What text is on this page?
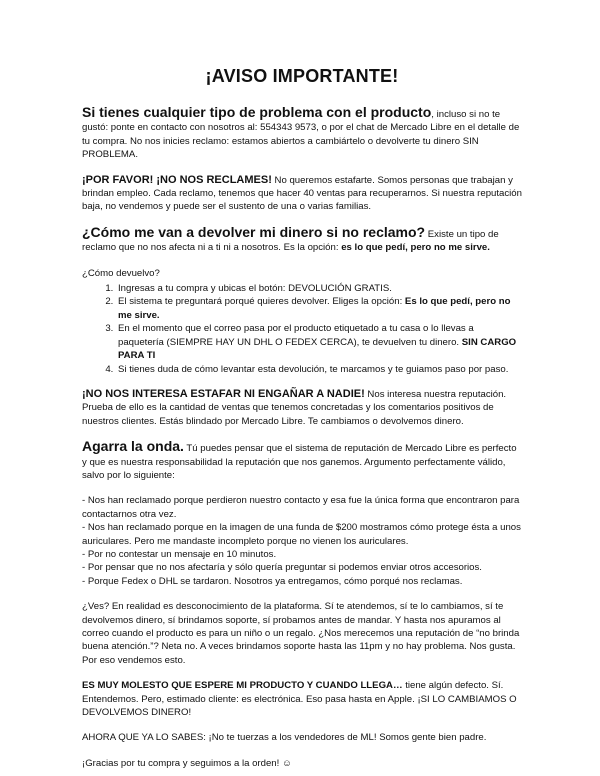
¡AVISO IMPORTANTE!

Si tienes cualquier tipo de problema con el producto, incluso si no te gustó: ponte en contacto con nosotros al: 554343 9573, o por el chat de Mercado Libre en el detalle de tu compra. No nos inicies reclamo: estamos abiertos a cambiártelo o devolverte tu dinero SIN PROBLEMA.

¡POR FAVOR! ¡NO NOS RECLAMES! No queremos estafarte. Somos personas que trabajan y brindan empleo. Cada reclamo, tenemos que hacer 40 ventas para recuperarnos. Si nuestra reputación baja, no vendemos y puede ser el sustento de una o varias familias.

¿Cómo me van a devolver mi dinero si no reclamo? Existe un tipo de reclamo que no nos afecta ni a ti ni a nosotros. Es la opción: es lo que pedí, pero no me sirve.

¿Cómo devuelvo?

1. Ingresas a tu compra y ubicas el botón: DEVOLUCIÓN GRATIS.
2. El sistema te preguntará porqué quieres devolver. Eliges la opción: Es lo que pedí, pero no me sirve.
3. En el momento que el correo pasa por el producto etiquetado a tu casa o lo llevas a paquetería (SIEMPRE HAY UN DHL O FEDEX CERCA), te devuelven tu dinero. SIN CARGO PARA TI
4. Si tienes duda de cómo levantar esta devolución, te marcamos y te guiamos paso por paso.

¡NO NOS INTERESA ESTAFAR NI ENGAÑAR A NADIE! Nos interesa nuestra reputación. Prueba de ello es la cantidad de ventas que tenemos concretadas y los comentarios positivos de nuestros clientes. Estás blindado por Mercado Libre. Te cambiamos o devolvemos dinero.

Agarra la onda. Tú puedes pensar que el sistema de reputación de Mercado Libre es perfecto y que es nuestra responsabilidad la reputación que nos ganemos. Argumento perfectamente válido, salvo por lo siguiente:

- Nos han reclamado porque perdieron nuestro contacto y esa fue la única forma que encontraron para contactarnos otra vez.

- Nos han reclamado porque en la imagen de una funda de $200 mostramos cómo protege ésta a unos auriculares. Pero me mandaste incompleto porque no vienen los auriculares.

- Por no contestar un mensaje en 10 minutos.

- Por pensar que no nos afectaría y sólo quería preguntar si podemos enviar otros accesorios.

- Porque Fedex o DHL se tardaron. Nosotros ya entregamos, cómo porqué nos reclamas.

¿Ves? En realidad es desconocimiento de la plataforma. Sí te atendemos, sí te lo cambiamos, sí te devolvemos dinero, sí brindamos soporte, sí probamos antes de mandar. Y hasta nos apuramos al correo cuando el producto es para un niño o un regalo. ¿Nos merecemos una reputación de “no brinda buena atención.”? Neta no. A veces brindamos soporte hasta las 11pm y no hay problema. Nos gusta. Por eso vendemos esto.

ES MUY MOLESTO QUE ESPERE MI PRODUCTO Y CUANDO LLEGA… tiene algún defecto. Sí. Entendemos. Pero, estimado cliente: es electrónica. Eso pasa hasta en Apple. ¡SI LO CAMBIAMOS O DEVOLVEMOS DINERO!

AHORA QUE YA LO SABES: ¡No te tuerzas a los vendedores de ML! Somos gente bien padre.

¡Gracias por tu compra y seguimos a la orden! ☺
